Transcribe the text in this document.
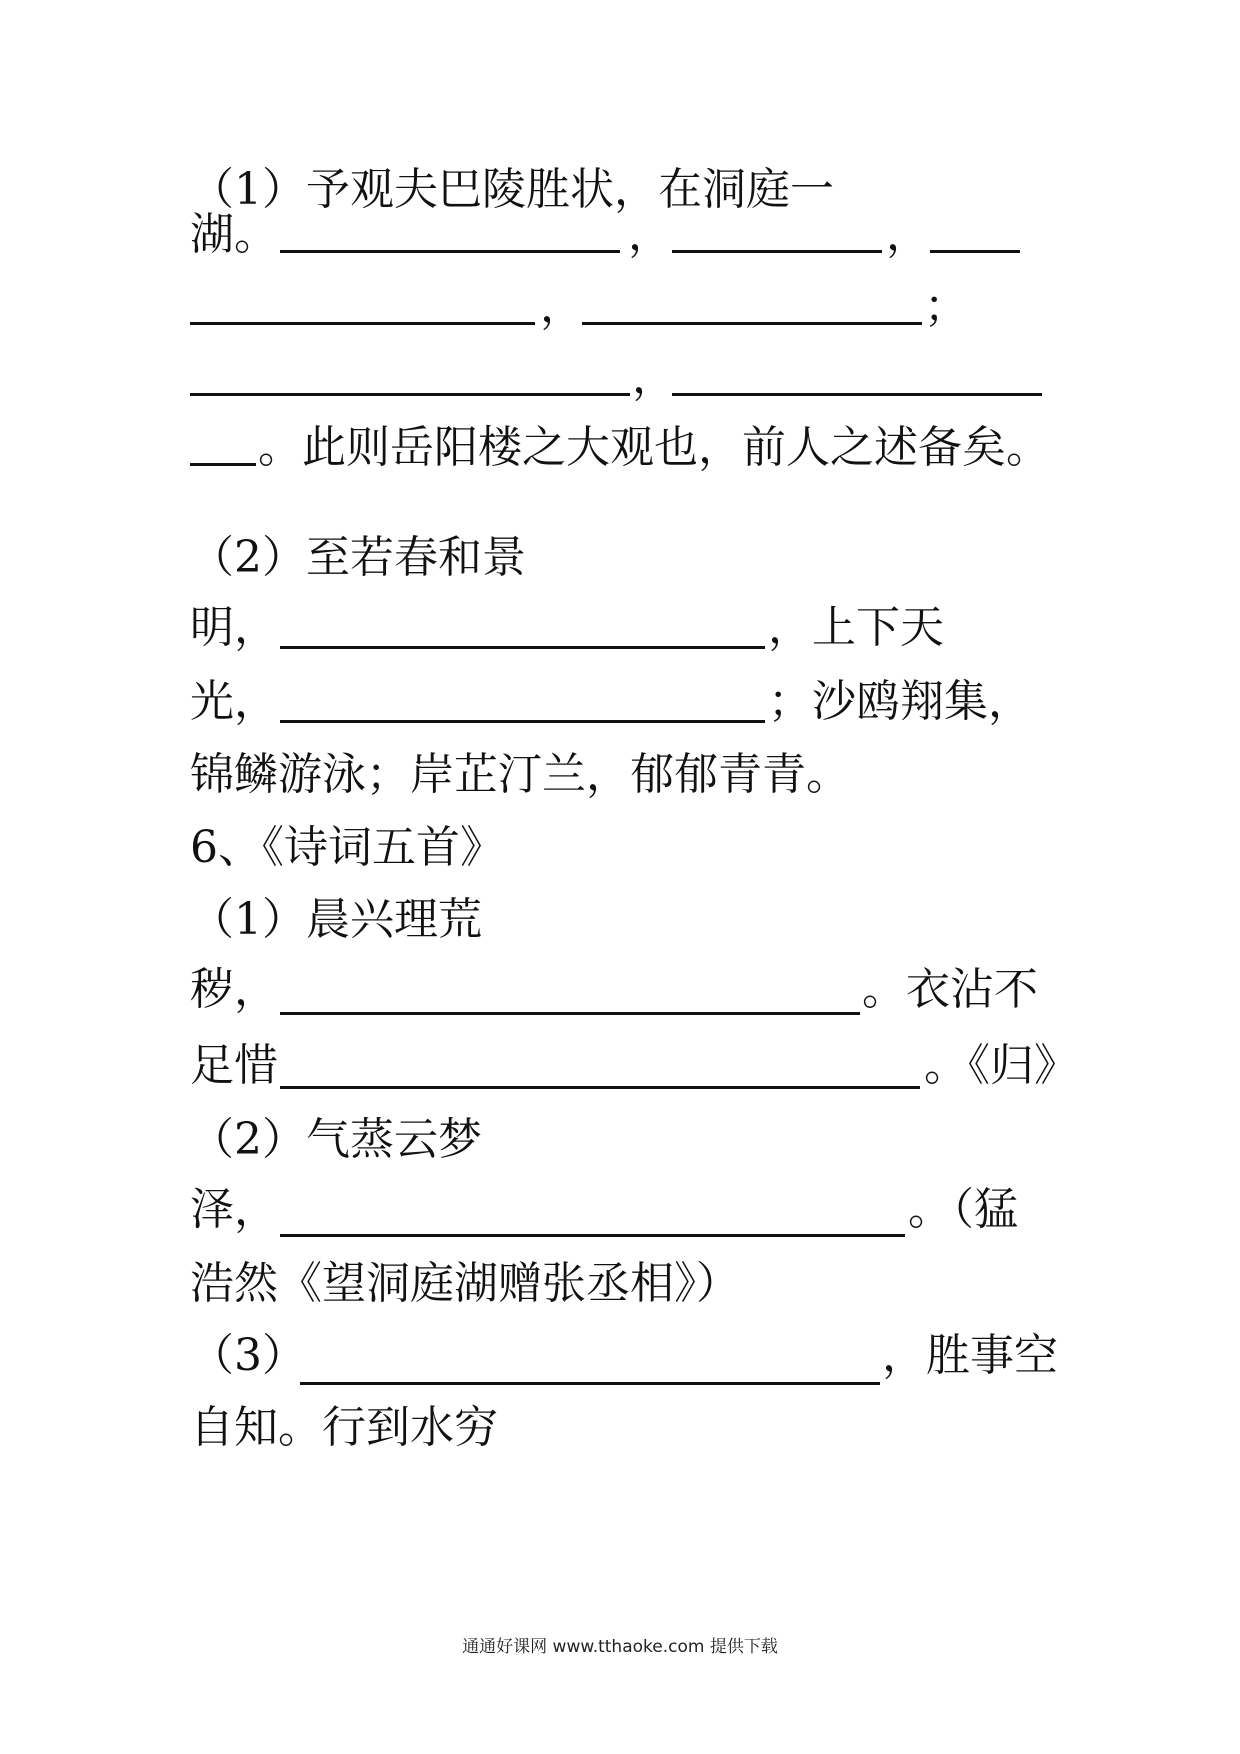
（1）予观夫巴陵胜状，在洞庭一
湖。	，	，
，	；
，
。此则岳阳楼之大观也，前人之述备矣。
（2）至若春和景
明，	，上下天
光，	；沙鸥翔集，
锦鳞游泳；岸芷汀兰，郁郁青青。
6、《诗词五首》
（1）晨兴理荒
秽，	。衣沾不
足惜	。《归》
（2）气蒸云梦
泽，	。（猛
浩然《望洞庭湖赠张丞相》）
（3）	，胜事空
自知。行到水穷
通通好课网 www.tthaoke.com 提供下载
